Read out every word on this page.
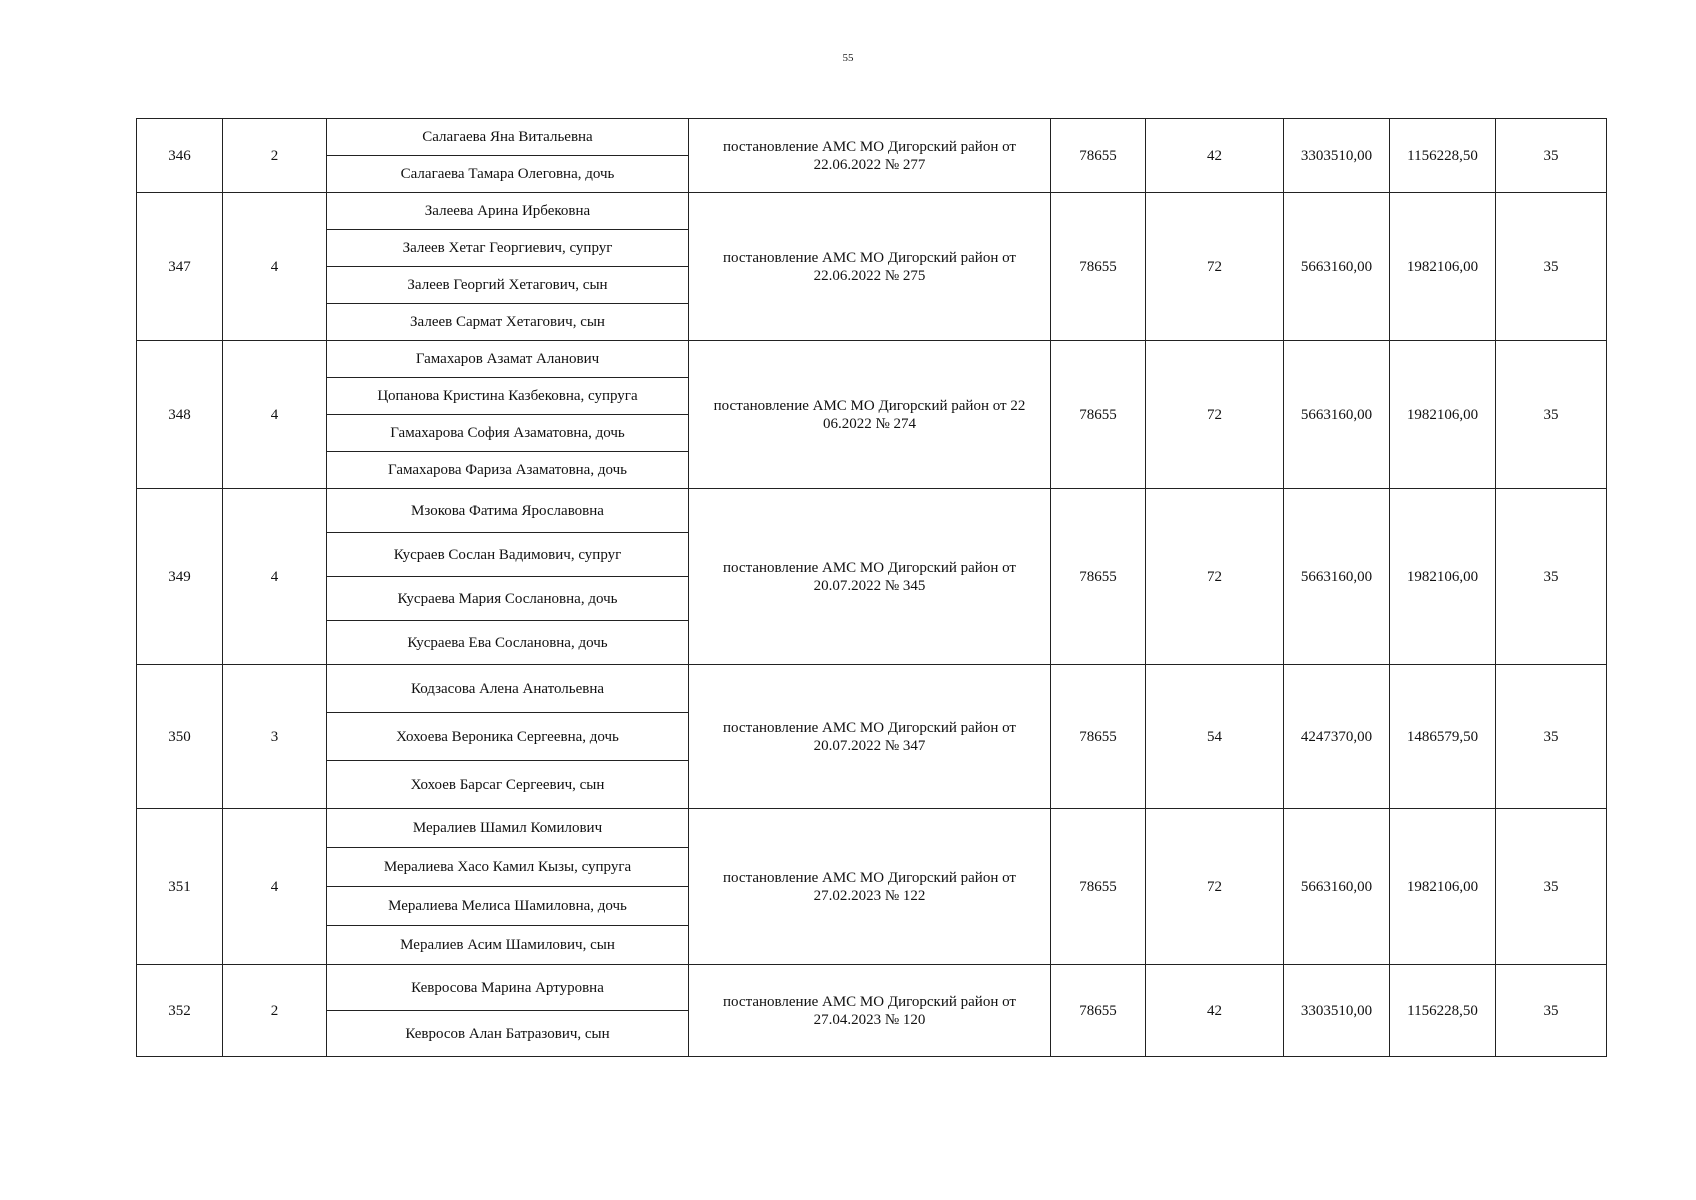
55
346	2	Салагаева Яна Витальевна	постановление АМС МО Дигорский район от 22.06.2022 № 277	78655	42	3303510,00	1156228,50	35
		Салагаева Тамара Олеговна, дочь						
347	4	Залеева Арина Ирбековна	постановление АМС МО Дигорский район от 22.06.2022 № 275	78655	72	5663160,00	1982106,00	35
		Залеев Хетаг Георгиевич, супруг						
		Залеев Георгий Хетагович, сын						
		Залеев Сармат Хетагович, сын						
348	4	Гамахаров Азамат Аланович	постановление АМС МО Дигорский район от 22 06.2022 № 274	78655	72	5663160,00	1982106,00	35
		Цопанова Кристина Казбековна, супруга						
		Гамахарова София Азаматовна, дочь						
		Гамахарова Фариза Азаматовна, дочь						
349	4	Мзокова Фатима Ярославовна	постановление АМС МО Дигорский район от 20.07.2022 № 345	78655	72	5663160,00	1982106,00	35
		Кусраев Сослан Вадимович, супруг						
		Кусраева Мария Сослановна, дочь						
		Кусраева Ева Сослановна, дочь						
350	3	Кодзасова Алена Анатольевна	постановление АМС МО Дигорский район от 20.07.2022 № 347	78655	54	4247370,00	1486579,50	35
		Хохоева Вероника Сергеевна, дочь						
		Хохоев Барсаг Сергеевич, сын						
351	4	Мералиев Шамил Комилович	постановление АМС МО Дигорский район от 27.02.2023 № 122	78655	72	5663160,00	1982106,00	35
		Мералиева Хасо Камил Кызы, супруга						
		Мералиева Мелиса Шамиловна, дочь						
		Мералиев Асим Шамилович, сын						
352	2	Кевросова Марина Артуровна	постановление АМС МО Дигорский район от 27.04.2023 № 120	78655	42	3303510,00	1156228,50	35
		Кевросов Алан Батразович, сын						
